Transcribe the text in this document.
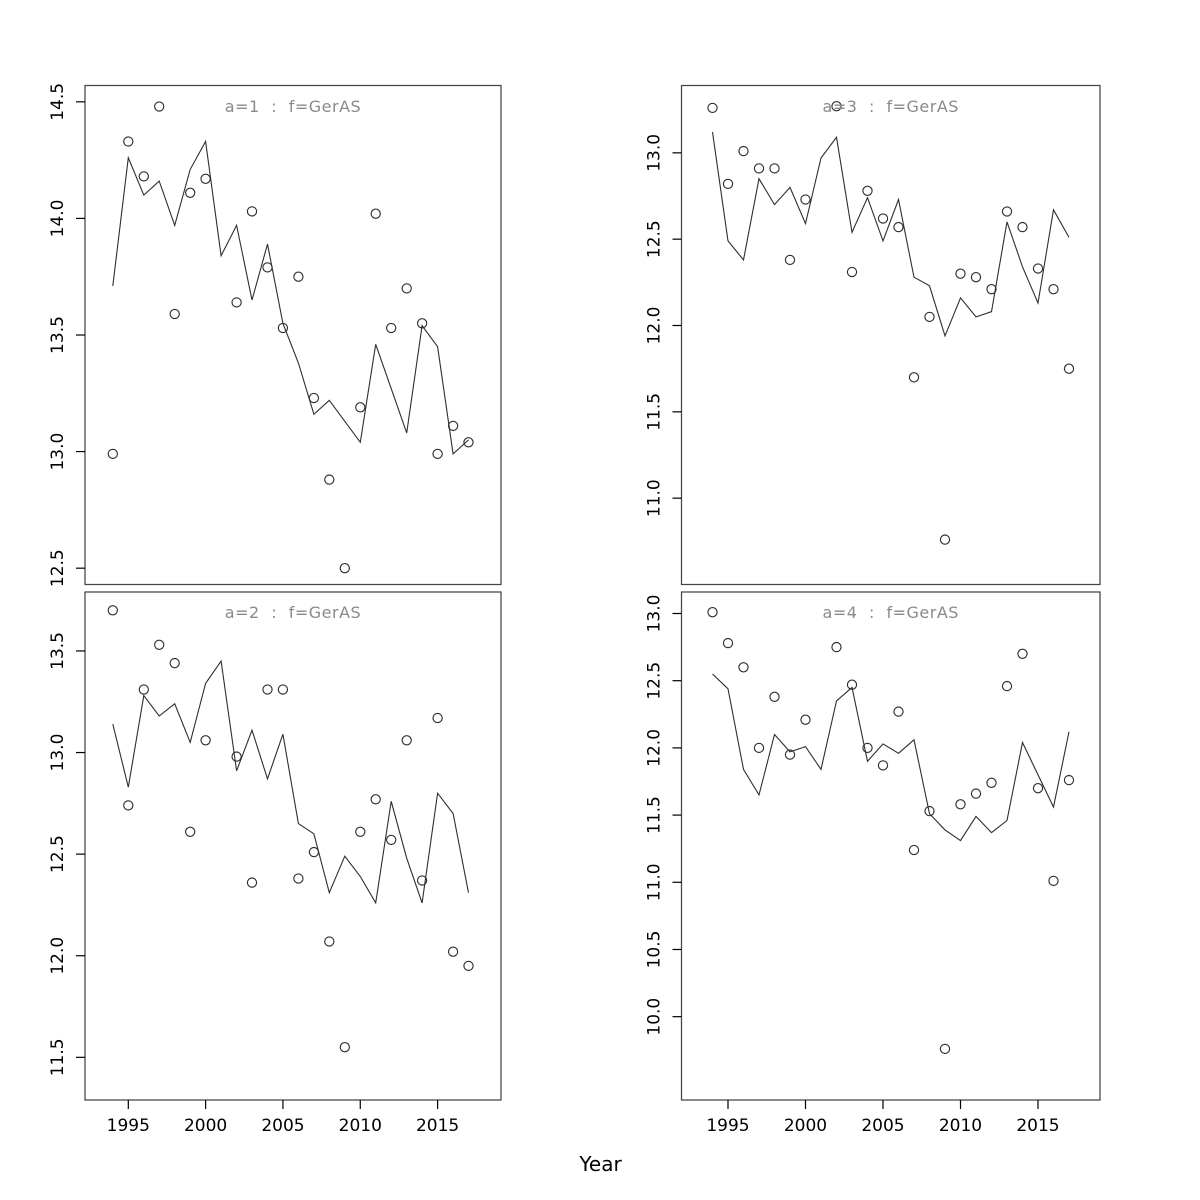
12.5
13.0
13.5
14.0
14.5
11.5
12.0
12.5
13.0
13.5
1995 2000 2005 2010 2015
11.0
11.5
12.0
12.5
13.0
10.0
10.5
11.0
11.5
12.0
12.5
13.0
1995 2000 2005 2010 2015
a=1 : f=GerAS
a=2 : f=GerAS
a=3 : f=GerAS
a=4 : f=GerAS
Year
